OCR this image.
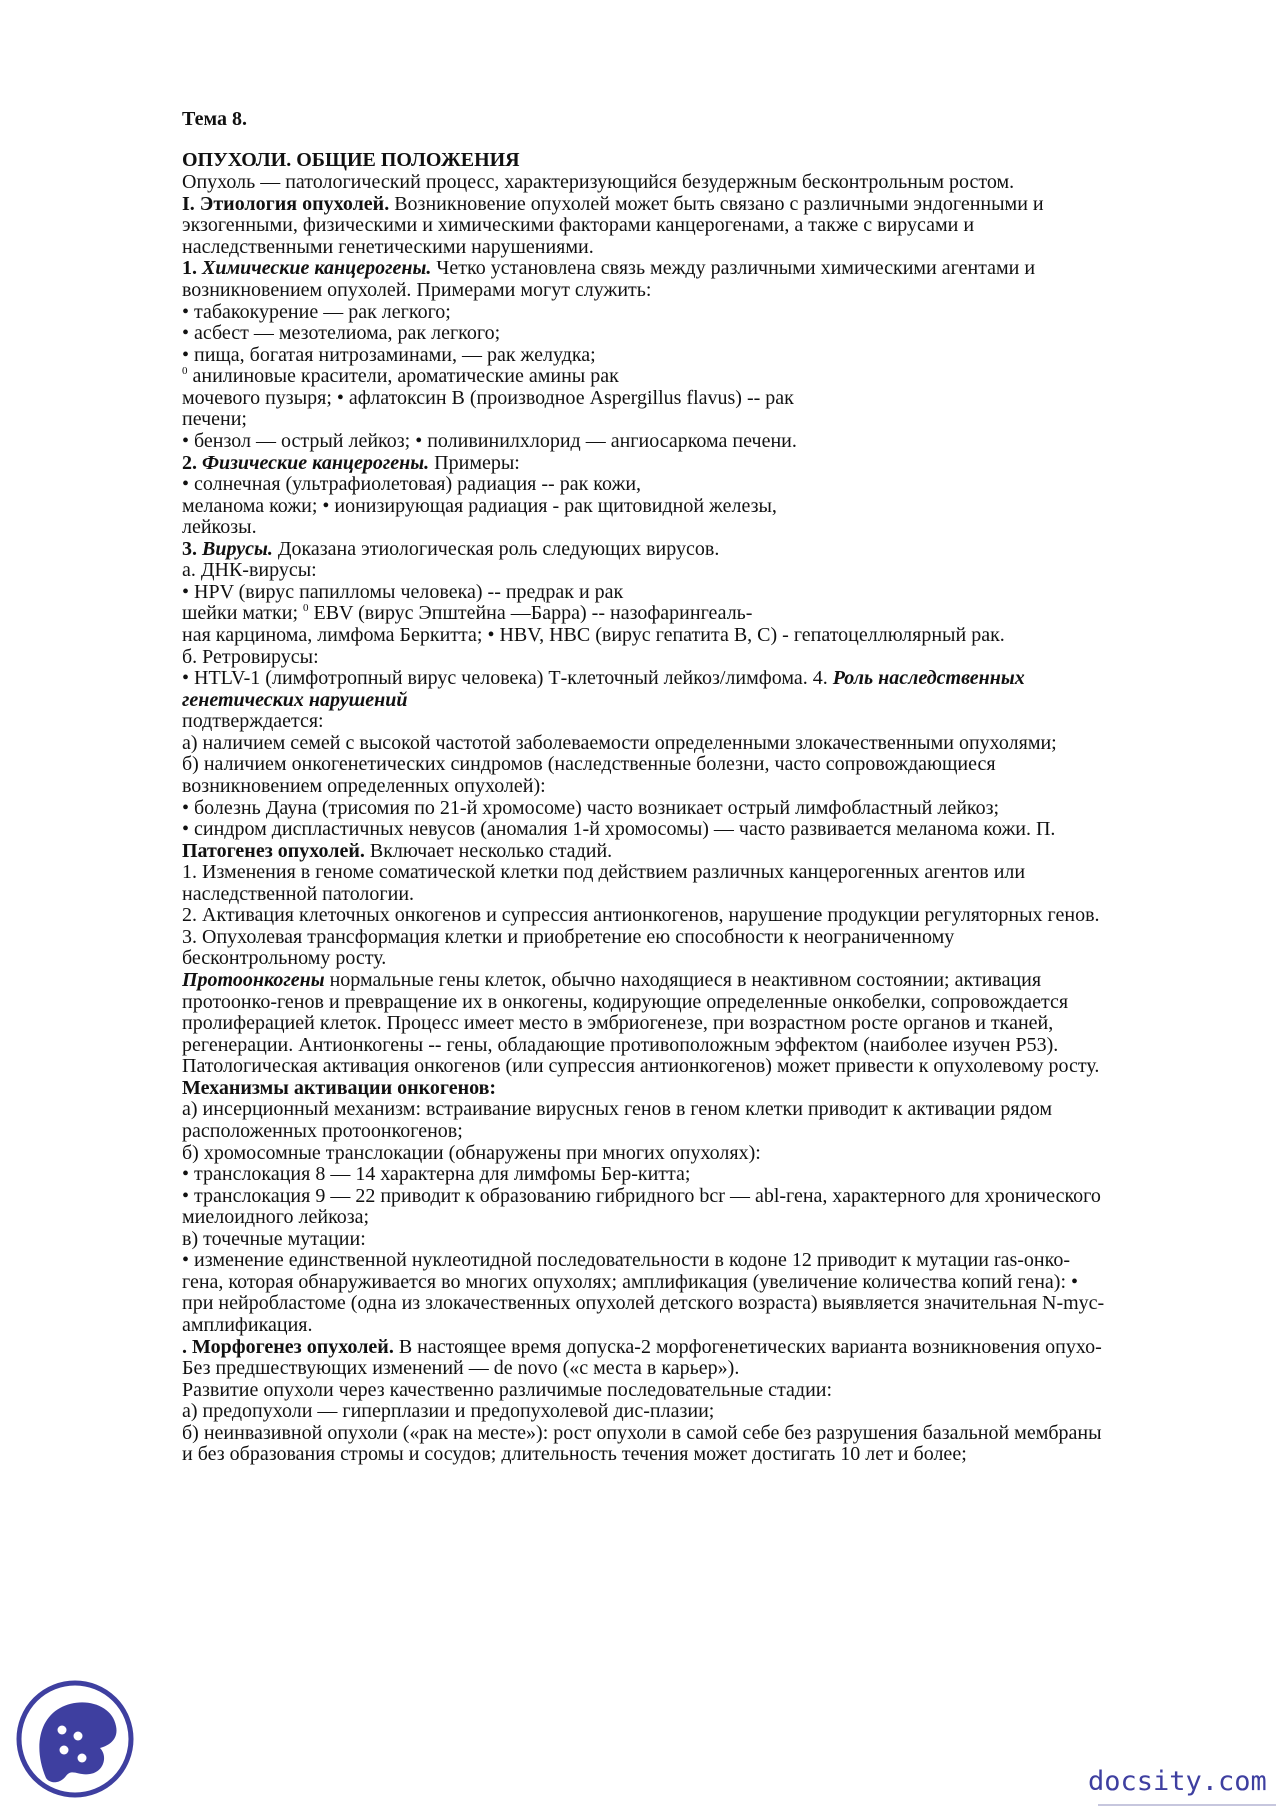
Тема 8.
ОПУХОЛИ. ОБЩИЕ ПОЛОЖЕНИЯ
Опухоль — патологический процесс, характеризующийся безудержным бесконтрольным ростом.
I. Этиология опухолей. Возникновение опухолей может быть связано с различными эндогенными и
экзогенными, физическими и химическими факторами канцерогенами, а также с вирусами и
наследственными генетическими нарушениями.
1. Химические канцерогены. Четко установлена связь между различными химическими агентами и
возникновением опухолей. Примерами могут служить:
• табакокурение — рак легкого;
• асбест — мезотелиома, рак легкого;
• пища, богатая нитрозаминами, — рак желудка;
$^0$ анилиновые красители, ароматические амины рак
мочевого пузыря; • афлатоксин В (производное Aspergillus flavus) -- рак
печени;
• бензол — острый лейкоз; • поливинилхлорид — ангиосаркома печени.
2. Физические канцерогены. Примеры:
• солнечная (ультрафиолетовая) радиация -- рак кожи,
меланома кожи; • ионизирующая радиация - рак щитовидной железы,
лейкозы.
3. Вирусы. Доказана этиологическая роль следующих вирусов.
а. ДНК-вирусы:
• HPV (вирус папилломы человека) -- предрак и рак
шейки матки; $^0$ EBV (вирус Эпштейна —Барра) -- назофарингеаль-
ная карцинома, лимфома Беркитта; • HBV, HBC (вирус гепатита В, С) - гепатоцеллюлярный рак.
б. Ретровирусы:
• HTLV-1 (лимфотропный вирус человека) Т-клеточный лейкоз/лимфома. 4. Роль наследственных
генетических нарушений
подтверждается:
а) наличием семей с высокой частотой заболеваемости определенными злокачественными опухолями;
б) наличием онкогенетических синдромов (наследственные болезни, часто сопровождающиеся
возникновением определенных опухолей):
• болезнь Дауна (трисомия по 21-й хромосоме) часто возникает острый лимфобластный лейкоз;
• синдром диспластичных невусов (аномалия 1-й хромосомы) — часто развивается меланома кожи. П.
Патогенез опухолей. Включает несколько стадий.
1. Изменения в геноме соматической клетки под действием различных канцерогенных агентов или
наследственной патологии.
2. Активация клеточных онкогенов и супрессия антионкогенов, нарушение продукции регуляторных генов.
3. Опухолевая трансформация клетки и приобретение ею способности к неограниченному
бесконтрольному росту.
Протоонкогены нормальные гены клеток, обычно находящиеся в неактивном состоянии; активация
протоонко-генов и превращение их в онкогены, кодирующие определенные онкобелки, сопровождается
пролиферацией клеток. Процесс имеет место в эмбриогенезе, при возрастном росте органов и тканей,
регенерации. Антионкогены -- гены, обладающие противоположным эффектом (наиболее изучен Р53).
Патологическая активация онкогенов (или супрессия антионкогенов) может привести к опухолевому росту.
Механизмы активации онкогенов:
а) инсерционный механизм: встраивание вирусных генов в геном клетки приводит к активации рядом
расположенных протоонкогенов;
б) хромосомные транслокации (обнаружены при многих опухолях):
• транслокация 8 — 14 характерна для лимфомы Бер-китта;
• транслокация 9 — 22 приводит к образованию гибридного bcr — abl-гена, характерного для хронического
миелоидного лейкоза;
в) точечные мутации:
• изменение единственной нуклеотидной последовательности в кодоне 12 приводит к мутации ras-онко-
гена, которая обнаруживается во многих опухолях; амплификация (увеличение количества копий гена): •
при нейробластоме (одна из злокачественных опухолей детского возраста) выявляется значительная N-myc-
амплификация.
. Морфогенез опухолей. В настоящее время допуска-2 морфогенетических варианта возникновения опухо-
Без предшествующих изменений — de novo («с места в карьер»).
Развитие опухоли через качественно различимые последовательные стадии:
а) предопухоли — гиперплазии и предопухолевой дис-плазии;
б) неинвазивной опухоли («рак на месте»): рост опухоли в самой себе без разрушения базальной мембраны
и без образования стромы и сосудов; длительность течения может достигать 10 лет и более;
docsity.com
